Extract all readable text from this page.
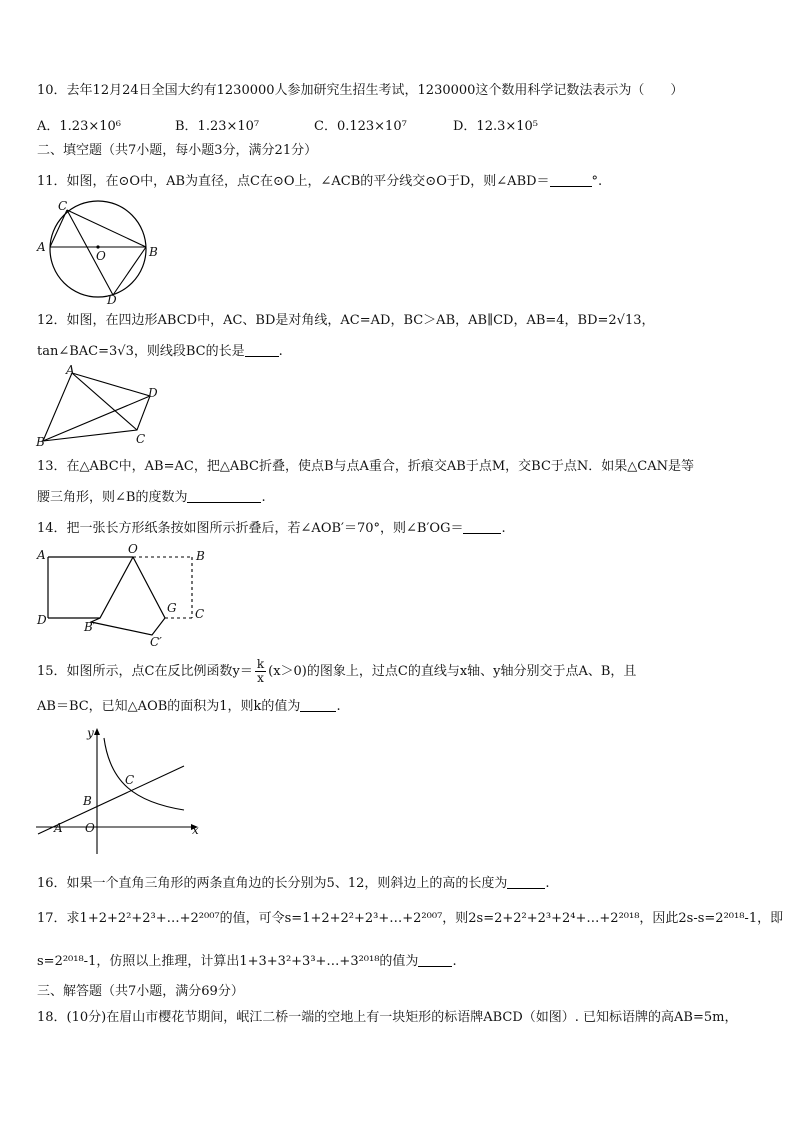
10．去年12月24日全国大约有1230000人参加研究生招生考试，1230000这个数用科学记数法表示为（　　）
A．1.23×10⁶	B．1.23×10⁷	C．0.123×10⁷	D．12.3×10⁵
二、填空题（共7小题，每小题3分，满分21分）
11．如图，在⊙O中，AB为直径，点C在⊙O上，∠ACB的平分线交⊙O于D，则∠ABD＝	°.
C
A	B
O
D
12．如图，在四边形ABCD中，AC、BD是对角线，AC=AD，BC＞AB，AB∥CD，AB=4，BD=2√13，
tan∠BAC=3√3，则线段BC的长是	.
A
B	C
D
13．在△ABC中，AB=AC，把△ABC折叠，使点B与点A重合，折痕交AB于点M，交BC于点N．如果△CAN是等
腰三角形，则∠B的度数为	.
14．把一张长方形纸条按如图所示折叠后，若∠AOB′＝70°，则∠B′OG＝	.
A	O	B
D	B′
G C
C′
15．如图所示，点C在反比例函数$y= \frac{k}{x} (x>0)$的图象上，过点C的直线与x轴、y轴分别交于点A、B，且
AB＝BC，已知△AOB的面积为1，则k的值为	.
y
x
O
A
B
C
16．如果一个直角三角形的两条直角边的长分别为5、12，则斜边上的高的长度为	.
17．求1+2+2²+2³+…+2²⁰⁰⁷的值，可令s=1+2+2²+2³+…+2²⁰⁰⁷，则2s=2+2²+2³+2⁴+…+2²⁰¹⁸，因此2s-s=2²⁰¹⁸-1，即
s=2²⁰¹⁸-1，仿照以上推理，计算出1+3+3²+3³+…+3²⁰¹⁸的值为	.
三、解答题（共7小题，满分69分）
18．(10分)在眉山市樱花节期间，岷江二桥一端的空地上有一块矩形的标语牌ABCD（如图）. 已知标语牌的高AB=5m，
